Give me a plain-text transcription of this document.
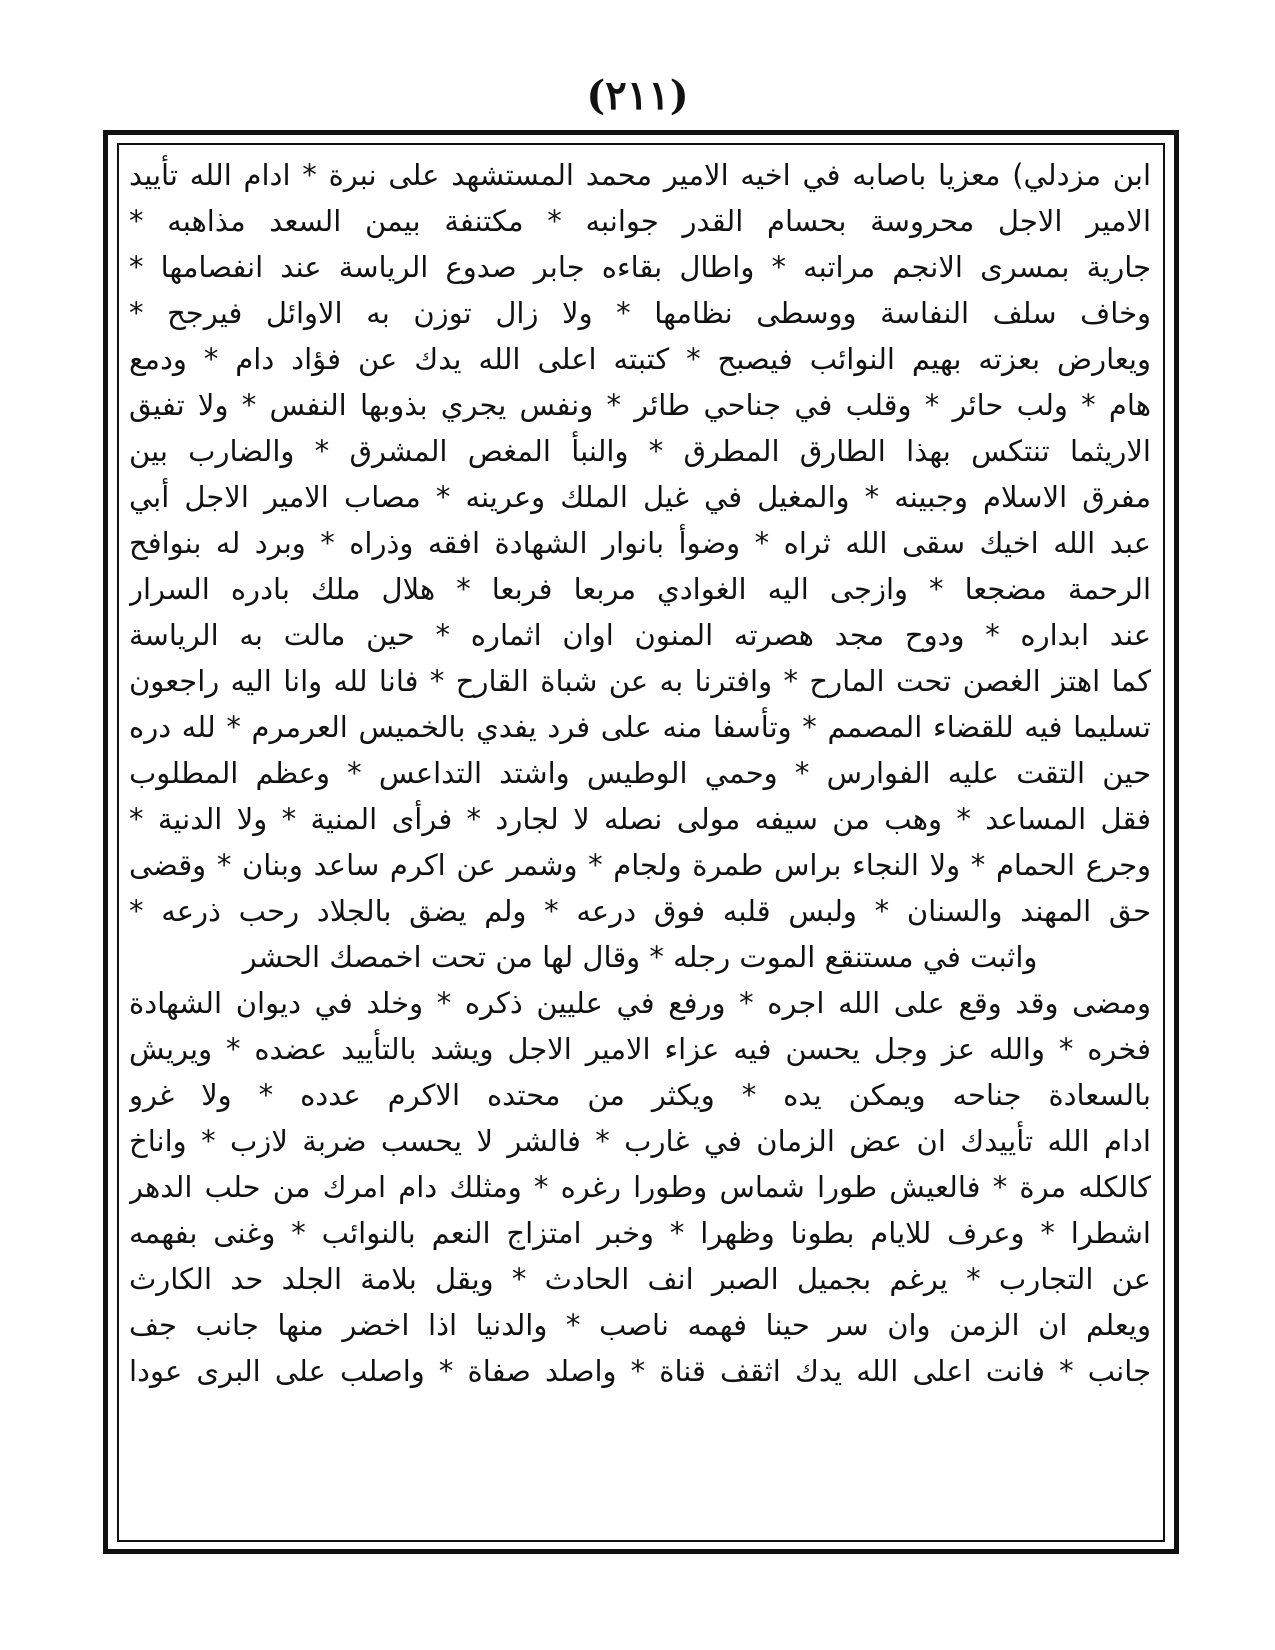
(٢١١)
ابن مزدلي) معزيا باصابه في اخيه الامير محمد المستشهد على نبرة * ادام الله تأييد
الامير الاجل محروسة بحسام القدر جوانبه * مكتنفة بيمن السعد مذاهبه *
جارية بمسرى الانجم مراتبه * واطال بقاءه جابر صدوع الرياسة عند انفصامها *
وخاف سلف النفاسة ووسطى نظامها * ولا زال توزن به الاوائل فيرجح *
ويعارض بعزته بهيم النوائب فيصبح * كتبته اعلى الله يدك عن فؤاد دام * ودمع
هام * ولب حائر * وقلب في جناحي طائر * ونفس يجري بذوبها النفس * ولا تفيق
الاريثما تنتكس بهذا الطارق المطرق * والنبأ المغص المشرق * والضارب بين
مفرق الاسلام وجبينه * والمغيل في غيل الملك وعرينه * مصاب الامير الاجل أبي
عبد الله اخيك سقى الله ثراه * وضوأ بانوار الشهادة افقه وذراه * وبرد له بنوافح
الرحمة مضجعا * وازجى اليه الغوادي مربعا فربعا * هلال ملك بادره السرار
عند ابداره * ودوح مجد هصرته المنون اوان اثماره * حين مالت به الرياسة
كما اهتز الغصن تحت المارح * وافترنا به عن شباة القارح * فانا لله وانا اليه راجعون
تسليما فيه للقضاء المصمم * وتأسفا منه على فرد يفدي بالخميس العرمرم * لله دره
حين التقت عليه الفوارس * وحمي الوطيس واشتد التداعس * وعظم المطلوب
فقل المساعد * وهب من سيفه مولى نصله لا لجارد * فرأى المنية * ولا الدنية *
وجرع الحمام * ولا النجاء براس طمرة ولجام * وشمر عن اكرم ساعد وبنان * وقضى
حق المهند والسنان * ولبس قلبه فوق درعه * ولم يضق بالجلاد رحب ذرعه *
واثبت في مستنقع الموت رجله * وقال لها من تحت اخمصك الحشر
ومضى وقد وقع على الله اجره * ورفع في عليين ذكره * وخلد في ديوان الشهادة
فخره * والله عز وجل يحسن فيه عزاء الامير الاجل ويشد بالتأييد عضده * ويريش
بالسعادة جناحه ويمكن يده * ويكثر من محتده الاكرم عدده * ولا غرو
ادام الله تأييدك ان عض الزمان في غارب * فالشر لا يحسب ضربة لازب * واناخ
كالكله مرة * فالعيش طورا شماس وطورا رغره * ومثلك دام امرك من حلب الدهر
اشطرا * وعرف للايام بطونا وظهرا * وخبر امتزاج النعم بالنوائب * وغنى بفهمه
عن التجارب * يرغم بجميل الصبر انف الحادث * ويقل بلامة الجلد حد الكارث
ويعلم ان الزمن وان سر حينا فهمه ناصب * والدنيا اذا اخضر منها جانب جف
جانب * فانت اعلى الله يدك اثقف قناة * واصلد صفاة * واصلب على البرى عودا
